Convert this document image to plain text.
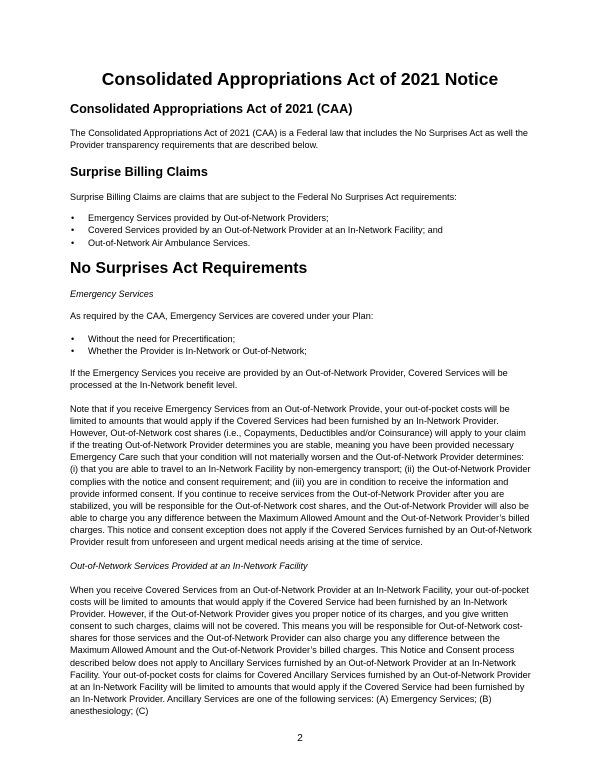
Consolidated Appropriations Act of 2021 Notice
Consolidated Appropriations Act of 2021 (CAA)

The Consolidated Appropriations Act of 2021 (CAA) is a Federal law that includes the No Surprises Act as well the Provider transparency requirements that are described below.

Surprise Billing Claims

Surprise Billing Claims are claims that are subject to the Federal No Surprises Act requirements:

• Emergency Services provided by Out-of-Network Providers;
• Covered Services provided by an Out-of-Network Provider at an In-Network Facility; and
• Out-of-Network Air Ambulance Services.
No Surprises Act Requirements

Emergency Services

As required by the CAA, Emergency Services are covered under your Plan:

• Without the need for Precertification;
• Whether the Provider is In-Network or Out-of-Network;

If the Emergency Services you receive are provided by an Out-of-Network Provider, Covered Services will be processed at the In-Network benefit level.

Note that if you receive Emergency Services from an Out-of-Network Provide, your out-of-pocket costs will be limited to amounts that would apply if the Covered Services had been furnished by an In-Network Provider. However, Out-of-Network cost shares (i.e., Copayments, Deductibles and/or Coinsurance) will apply to your claim if the treating Out-of-Network Provider determines you are stable, meaning you have been provided necessary Emergency Care such that your condition will not materially worsen and the Out-of-Network Provider determines: (i) that you are able to travel to an In-Network Facility by non-emergency transport; (ii) the Out-of-Network Provider complies with the notice and consent requirement; and (iii) you are in condition to receive the information and provide informed consent. If you continue to receive services from the Out-of-Network Provider after you are stabilized, you will be responsible for the Out-of-Network cost shares, and the Out-of-Network Provider will also be able to charge you any difference between the Maximum Allowed Amount and the Out-of-Network Provider’s billed charges. This notice and consent exception does not apply if the Covered Services furnished by an Out-of-Network Provider result from unforeseen and urgent medical needs arising at the time of service.

Out-of-Network Services Provided at an In-Network Facility

When you receive Covered Services from an Out-of-Network Provider at an In-Network Facility, your out-of-pocket costs will be limited to amounts that would apply if the Covered Service had been furnished by an In-Network Provider. However, if the Out-of-Network Provider gives you proper notice of its charges, and you give written consent to such charges, claims will not be covered. This means you will be responsible for Out-of-Network cost-shares for those services and the Out-of-Network Provider can also charge you any difference between the Maximum Allowed Amount and the Out-of-Network Provider’s billed charges. This Notice and Consent process described below does not apply to Ancillary Services furnished by an Out-of-Network Provider at an In-Network Facility. Your out-of-pocket costs for claims for Covered Ancillary Services furnished by an Out-of-Network Provider at an In-Network Facility will be limited to amounts that would apply if the Covered Service had been furnished by an In-Network Provider. Ancillary Services are one of the following services: (A) Emergency Services; (B) anesthesiology; (C)

2
